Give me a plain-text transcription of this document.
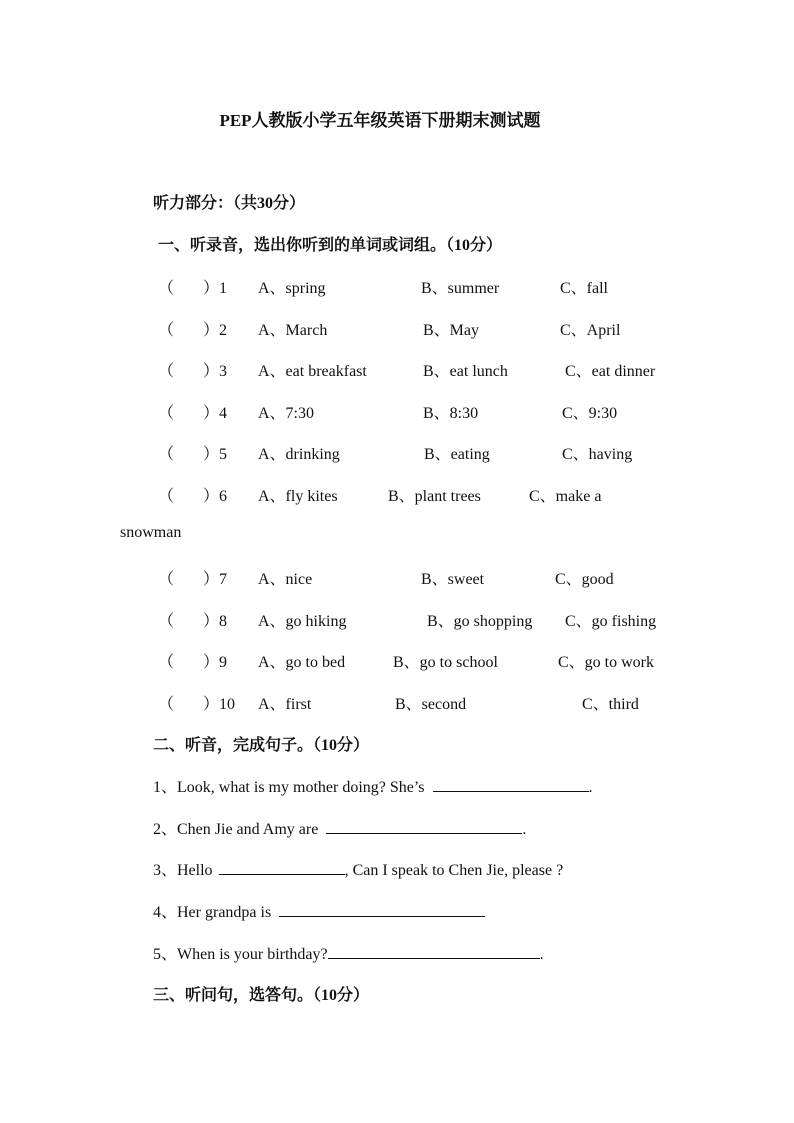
PEP人教版小学五年级英语下册期末测试题
听力部分：（共30分）
一、听录音，选出你听到的单词或词组。（10分）
（ ）1 A、spring	B、summer	C、fall
（ ）2 A、March	B、May	C、April
（ ）3 A、eat breakfast	B、eat lunch	C、eat dinner
（ ）4 A、7:30	B、8:30	C、9:30
（ ）5 A、drinking	B、eating	C、having
（ ）6 A、fly kites	B、plant trees	C、make a
snowman
（ ）7 A、nice	B、sweet	C、good
（ ）8 A、go hiking	B、go shopping C、go fishing
（ ）9 A、go to bed	B、go to school	C、go to work
（ ）10 A、first	B、second	C、third
二、听音，完成句子。（10分）
1、Look, what is my mother doing? She’s	.
2、Chen Jie and Amy are	.
3、Hello	, Can I speak to Chen Jie, please ?
4、Her grandpa is
5、When is your birthday?	.
三、听问句，选答句。（10分）
